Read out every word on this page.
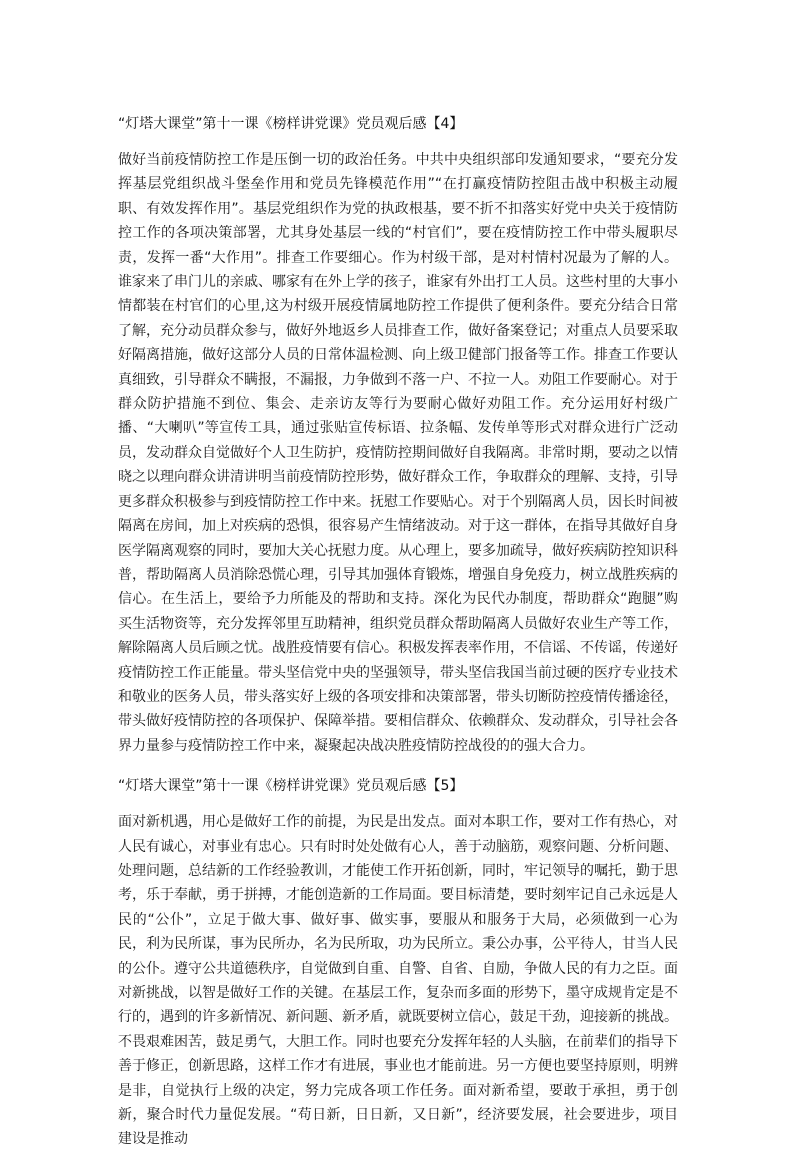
“灯塔大课堂”第十一课《榜样讲党课》党员观后感【4】

做好当前疫情防控工作是压倒一切的政治任务。中共中央组织部印发通知要求，“要充分发挥基层党组织战斗堡垒作用和党员先锋模范作用”“在打赢疫情防控阻击战中积极主动履职、有效发挥作用”。基层党组织作为党的执政根基，要不折不扣落实好党中央关于疫情防控工作的各项决策部署，尤其身处基层一线的“村官们”，要在疫情防控工作中带头履职尽责，发挥一番“大作用”。排查工作要细心。作为村级干部，是对村情村况最为了解的人。谁家来了串门儿的亲戚、哪家有在外上学的孩子，谁家有外出打工人员。这些村里的大事小情都装在村官们的心里,这为村级开展疫情属地防控工作提供了便利条件。要充分结合日常了解，充分动员群众参与，做好外地返乡人员排查工作，做好备案登记；对重点人员要采取好隔离措施，做好这部分人员的日常体温检测、向上级卫健部门报备等工作。排查工作要认真细致，引导群众不瞒报，不漏报，力争做到不落一户、不拉一人。劝阻工作要耐心。对于群众防护措施不到位、集会、走亲访友等行为要耐心做好劝阻工作。充分运用好村级广播、“大喇叭”等宣传工具，通过张贴宣传标语、拉条幅、发传单等形式对群众进行广泛动员，发动群众自觉做好个人卫生防护，疫情防控期间做好自我隔离。非常时期，要动之以情晓之以理向群众讲清讲明当前疫情防控形势，做好群众工作，争取群众的理解、支持，引导更多群众积极参与到疫情防控工作中来。抚慰工作要贴心。对于个别隔离人员，因长时间被隔离在房间，加上对疾病的恐惧，很容易产生情绪波动。对于这一群体，在指导其做好自身医学隔离观察的同时，要加大关心抚慰力度。从心理上，要多加疏导，做好疾病防控知识科普，帮助隔离人员消除恐慌心理，引导其加强体育锻炼，增强自身免疫力，树立战胜疾病的信心。在生活上，要给予力所能及的帮助和支持。深化为民代办制度，帮助群众“跑腿”购买生活物资等，充分发挥邻里互助精神，组织党员群众帮助隔离人员做好农业生产等工作，解除隔离人员后顾之忧。战胜疫情要有信心。积极发挥表率作用，不信谣、不传谣，传递好疫情防控工作正能量。带头坚信党中央的坚强领导，带头坚信我国当前过硬的医疗专业技术和敬业的医务人员，带头落实好上级的各项安排和决策部署，带头切断防控疫情传播途径，带头做好疫情防控的各项保护、保障举措。要相信群众、依赖群众、发动群众，引导社会各界力量参与疫情防控工作中来，凝聚起决战决胜疫情防控战役的的强大合力。

“灯塔大课堂”第十一课《榜样讲党课》党员观后感【5】

面对新机遇，用心是做好工作的前提，为民是出发点。面对本职工作，要对工作有热心，对人民有诚心，对事业有忠心。只有时时处处做有心人，善于动脑筋，观察问题、分析问题、处理问题，总结新的工作经验教训，才能使工作开拓创新，同时，牢记领导的嘱托，勤于思考，乐于奉献，勇于拼搏，才能创造新的工作局面。要目标清楚，要时刻牢记自己永远是人民的“公仆”，立足于做大事、做好事、做实事，要服从和服务于大局，必须做到一心为民，利为民所谋，事为民所办，名为民所取，功为民所立。秉公办事，公平待人，甘当人民的公仆。遵守公共道德秩序，自觉做到自重、自警、自省、自励，争做人民的有力之臣。面对新挑战，以智是做好工作的关键。在基层工作，复杂而多面的形势下，墨守成规肯定是不行的，遇到的许多新情况、新问题、新矛盾，就既要树立信心，鼓足干劲，迎接新的挑战。不畏艰难困苦，鼓足勇气，大胆工作。同时也要充分发挥年轻的人头脑，在前辈们的指导下善于修正，创新思路，这样工作才有进展，事业也才能前进。另一方便也要坚持原则，明辨是非，自觉执行上级的决定，努力完成各项工作任务。面对新希望，要敢于承担，勇于创新，聚合时代力量促发展。“苟日新，日日新，又日新”，经济要发展，社会要进步，项目建设是推动
